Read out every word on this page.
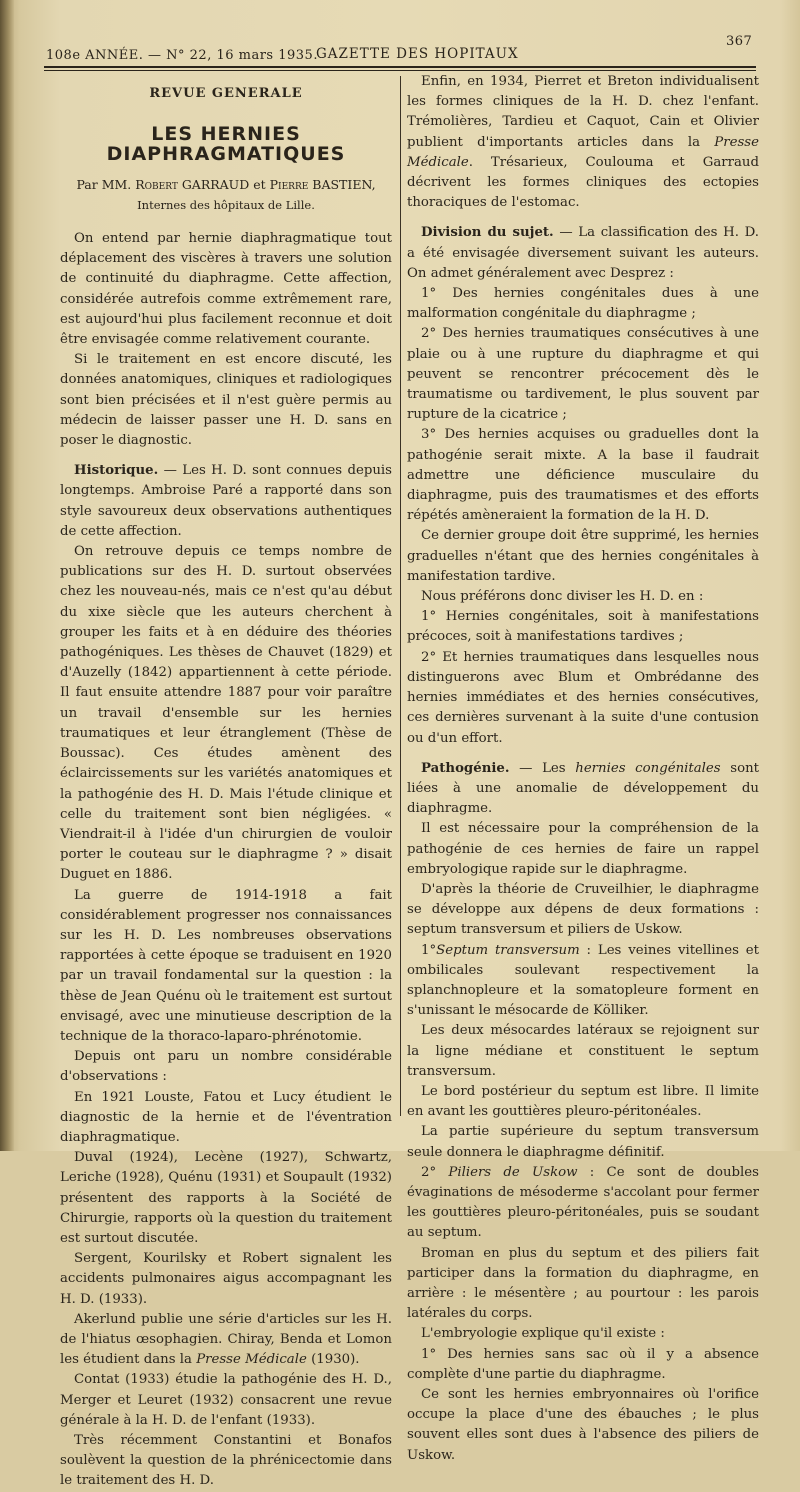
108e ANNÉE. — N° 22, 16 mars 1935.
GAZETTE DES HOPITAUX
367
REVUE GENERALE
LES HERNIES DIAPHRAGMATIQUES
Par MM. Robert GARRAUD et Pierre BASTIEN,
Internes des hôpitaux de Lille.

On entend par hernie diaphragmatique tout déplacement des viscères à travers une solution de continuité du diaphragme. Cette affection, considérée autrefois comme extrêmement rare, est aujourd'hui plus facilement reconnue et doit être envisagée comme relativement courante.

Si le traitement en est encore discuté, les données anatomiques, cliniques et radiologiques sont bien précisées et il n'est guère permis au médecin de laisser passer une H. D. sans en poser le diagnostic.

Historique. — Les H. D. sont connues depuis longtemps. Ambroise Paré a rapporté dans son style savoureux deux observations authentiques de cette affection.

On retrouve depuis ce temps nombre de publications sur des H. D. surtout observées chez les nouveau-nés, mais ce n'est qu'au début du xixe siècle que les auteurs cherchent à grouper les faits et à en déduire des théories pathogéniques. Les thèses de Chauvet (1829) et d'Auzelly (1842) appartiennent à cette période. Il faut ensuite attendre 1887 pour voir paraître un travail d'ensemble sur les hernies traumatiques et leur étranglement (Thèse de Boussac). Ces études amènent des éclaircissements sur les variétés anatomiques et la pathogénie des H. D. Mais l'étude clinique et celle du traitement sont bien négligées. « Viendrait-il à l'idée d'un chirurgien de vouloir porter le couteau sur le diaphragme ? » disait Duguet en 1886.

La guerre de 1914-1918 a fait considérablement progresser nos connaissances sur les H. D. Les nombreuses observations rapportées à cette époque se traduisent en 1920 par un travail fondamental sur la question : la thèse de Jean Quénu où le traitement est surtout envisagé, avec une minutieuse description de la technique de la thoraco-laparo-phrénotomie.

Depuis ont paru un nombre considérable d'observations :

En 1921 Louste, Fatou et Lucy étudient le diagnostic de la hernie et de l'éventration diaphragmatique.

Duval (1924), Lecène (1927), Schwartz, Leriche (1928), Quénu (1931) et Soupault (1932) présentent des rapports à la Société de Chirurgie, rapports où la question du traitement est surtout discutée.

Sergent, Kourilsky et Robert signalent les accidents pulmonaires aigus accompagnant les H. D. (1933).

Akerlund publie une série d'articles sur les H. de l'hiatus œsophagien. Chiray, Benda et Lomon les étudient dans la Presse Médicale (1930).

Contat (1933) étudie la pathogénie des H. D., Merger et Leuret (1932) consacrent une revue générale à la H. D. de l'enfant (1933).

Très récemment Constantini et Bonafos soulèvent la question de la phrénicectomie dans le traitement des H. D.

Enfin, en 1934, Pierret et Breton individualisent les formes cliniques de la H. D. chez l'enfant. Trémolières, Tardieu et Caquot, Cain et Olivier publient d'importants articles dans la Presse Médicale. Trésarieux, Coulouma et Garraud décrivent les formes cliniques des ectopies thoraciques de l'estomac.

Division du sujet. — La classification des H. D. a été envisagée diversement suivant les auteurs. On admet généralement avec Desprez :

1° Des hernies congénitales dues à une malformation congénitale du diaphragme ;

2° Des hernies traumatiques consécutives à une plaie ou à une rupture du diaphragme et qui peuvent se rencontrer précocement dès le traumatisme ou tardivement, le plus souvent par rupture de la cicatrice ;

3° Des hernies acquises ou graduelles dont la pathogénie serait mixte. A la base il faudrait admettre une déficience musculaire du diaphragme, puis des traumatismes et des efforts répétés amèneraient la formation de la H. D.

Ce dernier groupe doit être supprimé, les hernies graduelles n'étant que des hernies congénitales à manifestation tardive.

Nous préférons donc diviser les H. D. en :

1° Hernies congénitales, soit à manifestations précoces, soit à manifestations tardives ;

2° Et hernies traumatiques dans lesquelles nous distinguerons avec Blum et Ombrédanne des hernies immédiates et des hernies consécutives, ces dernières survenant à la suite d'une contusion ou d'un effort.

Pathogénie. — Les hernies congénitales sont liées à une anomalie de développement du diaphragme.

Il est nécessaire pour la compréhension de la pathogénie de ces hernies de faire un rappel embryologique rapide sur le diaphragme.

D'après la théorie de Cruveilhier, le diaphragme se développe aux dépens de deux formations : septum transversum et piliers de Uskow.

1°Septum transversum : Les veines vitellines et ombilicales soulevant respectivement la splanchnopleure et la somatopleure forment en s'unissant le mésocarde de Kölliker.

Les deux mésocardes latéraux se rejoignent sur la ligne médiane et constituent le septum transversum.

Le bord postérieur du septum est libre. Il limite en avant les gouttières pleuro-péritonéales.

La partie supérieure du septum transversum seule donnera le diaphragme définitif.

2° Piliers de Uskow : Ce sont de doubles évaginations de mésoderme s'accolant pour fermer les gouttières pleuro-péritonéales, puis se soudant au septum.

Broman en plus du septum et des piliers fait participer dans la formation du diaphragme, en arrière : le mésentère ; au pourtour : les parois latérales du corps.

L'embryologie explique qu'il existe :

1° Des hernies sans sac où il y a absence complète d'une partie du diaphragme.

Ce sont les hernies embryonnaires où l'orifice occupe la place d'une des ébauches ; le plus souvent elles sont dues à l'absence des piliers de Uskow.
